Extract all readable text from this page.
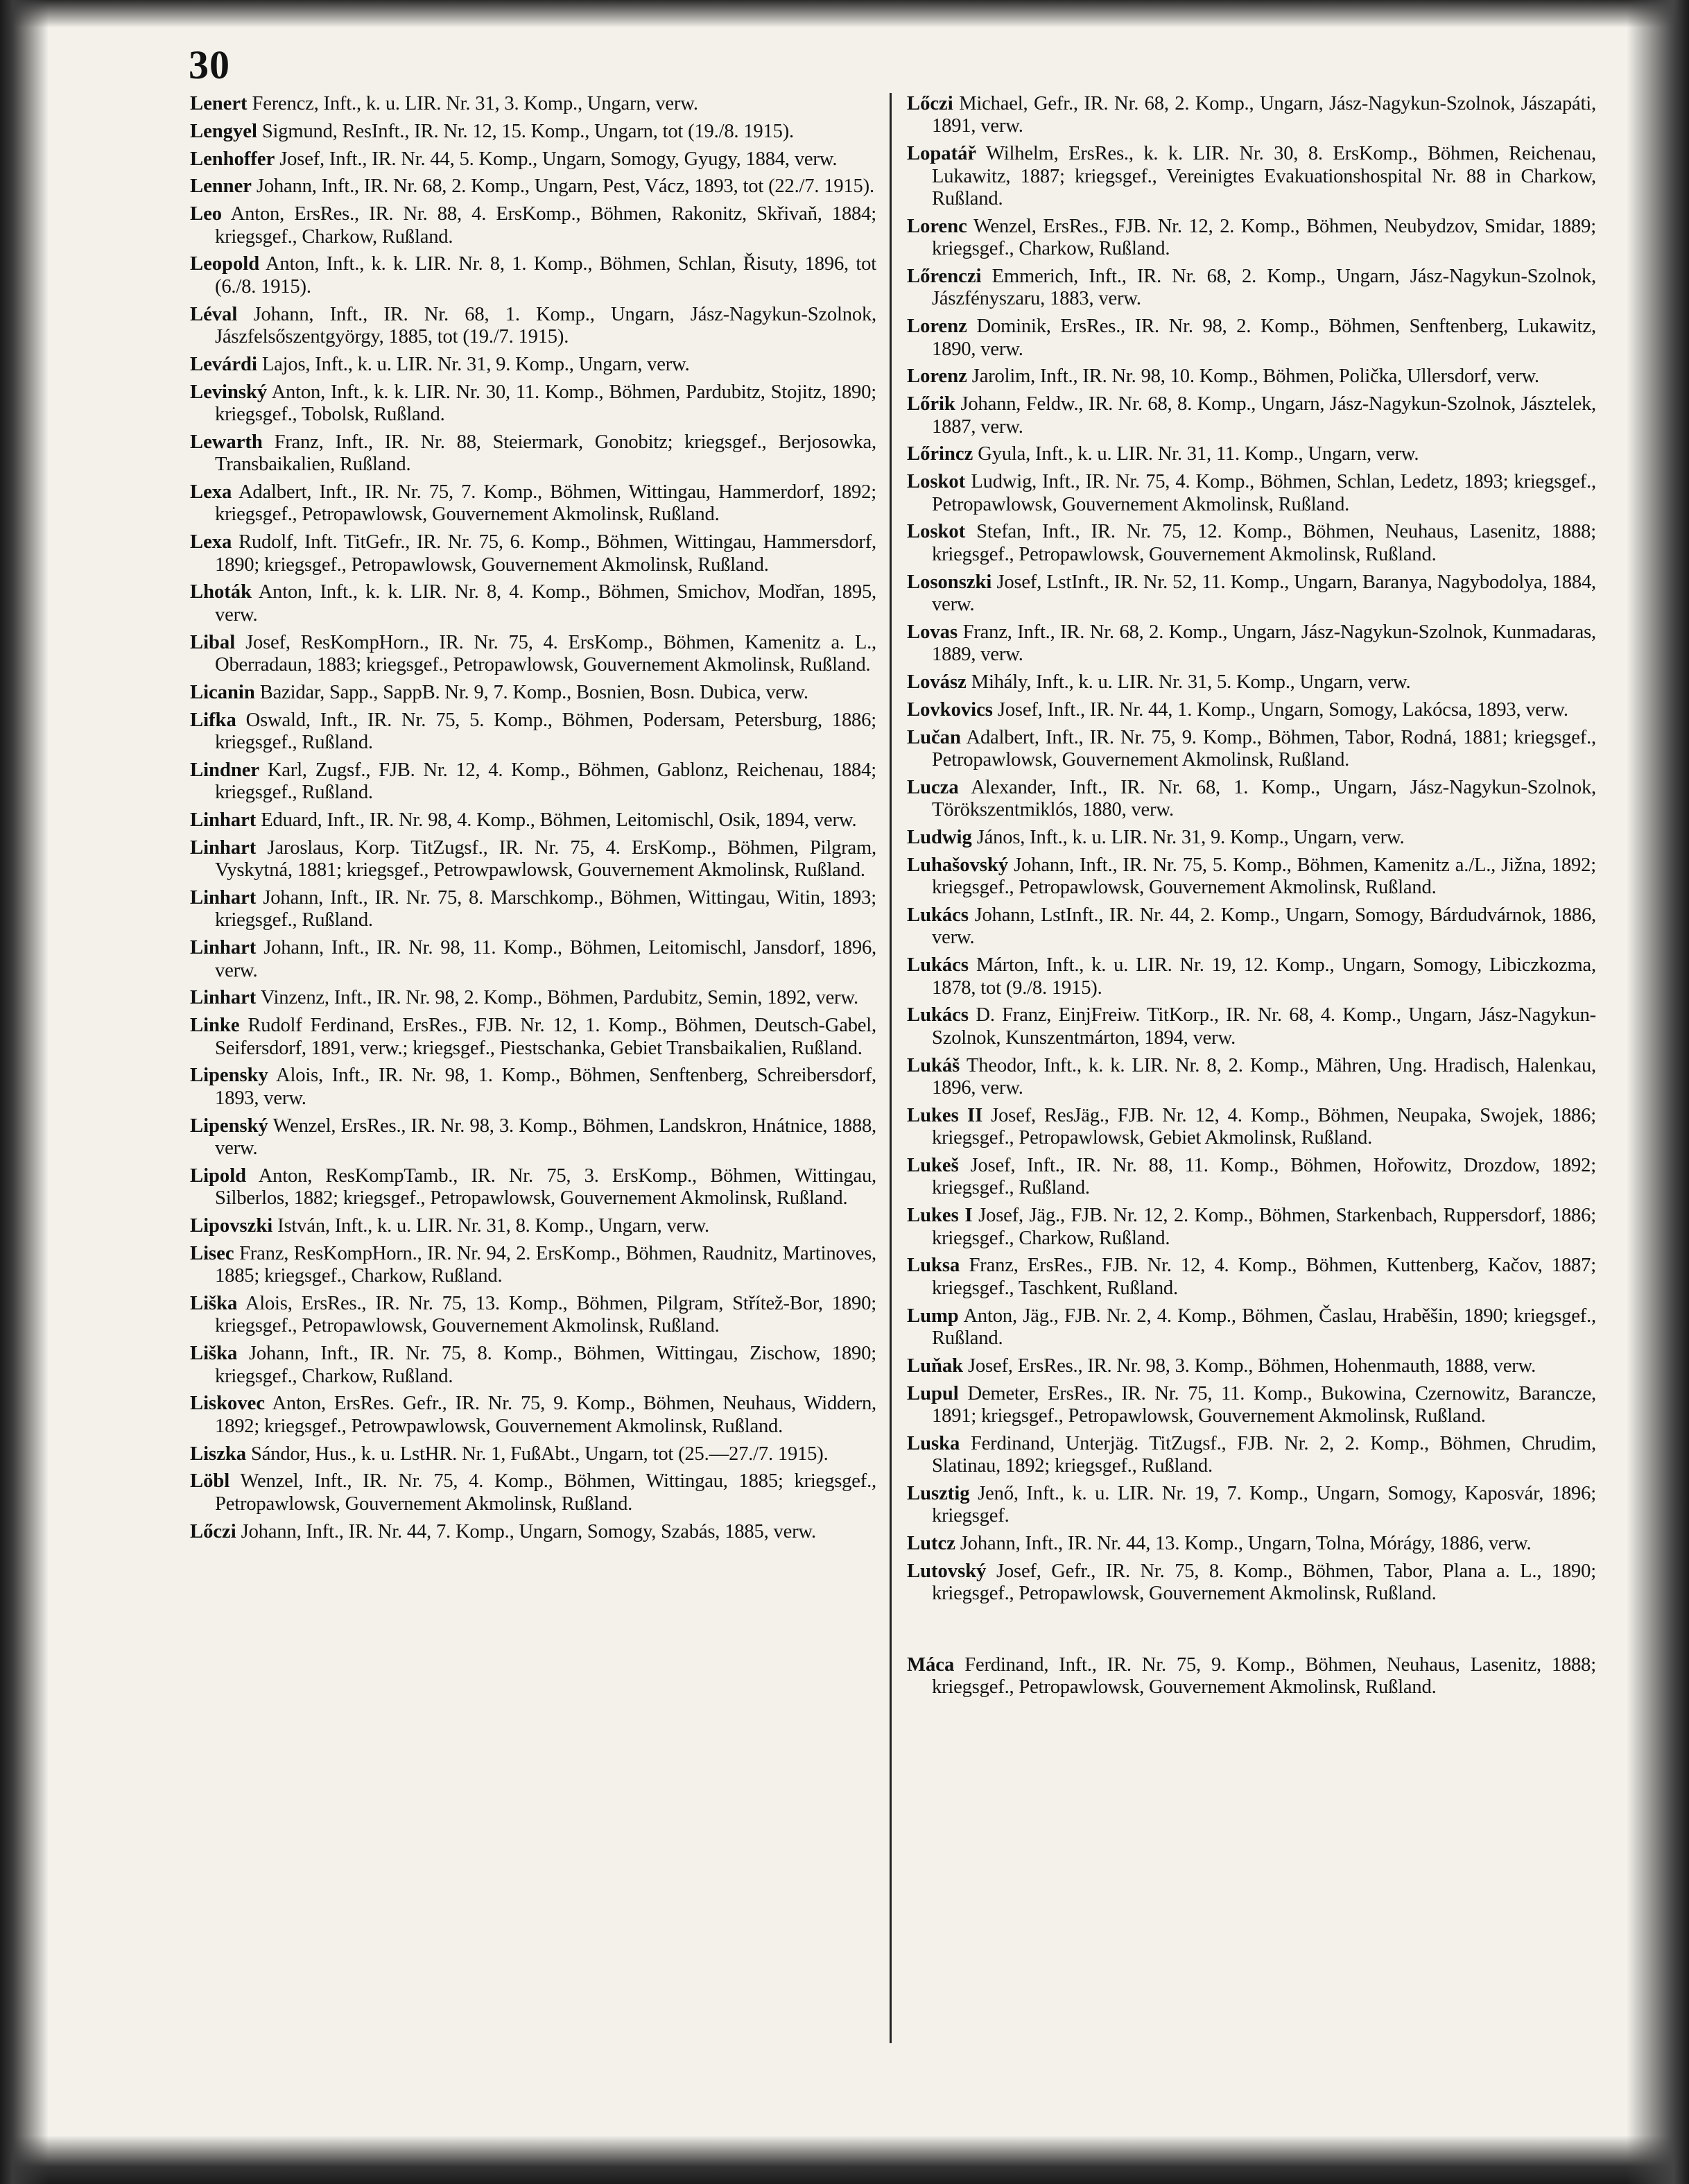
30
Lenert Ferencz, Inft., k. u. LIR. Nr. 31, 3. Komp., Ungarn, verw.
Lengyel Sigmund, ResInft., IR. Nr. 12, 15. Komp., Ungarn, tot (19./8. 1915).
Lenhoffer Josef, Inft., IR. Nr. 44, 5. Komp., Ungarn, Somogy, Gyugy, 1884, verw.
Lenner Johann, Inft., IR. Nr. 68, 2. Komp., Ungarn, Pest, Vácz, 1893, tot (22./7. 1915).
Leo Anton, ErsRes., IR. Nr. 88, 4. ErsKomp., Böhmen, Rakonitz, Skřivaň, 1884; kriegsgef., Charkow, Rußland.
Leopold Anton, Inft., k. k. LIR. Nr. 8, 1. Komp., Böhmen, Schlan, Řisuty, 1896, tot (6./8. 1915).
Léval Johann, Inft., IR. Nr. 68, 1. Komp., Ungarn, Jász-Nagykun-Szolnok, Jászfelsőszentgyörgy, 1885, tot (19./7. 1915).
Levárdi Lajos, Inft., k. u. LIR. Nr. 31, 9. Komp., Ungarn, verw.
Levinský Anton, Inft., k. k. LIR. Nr. 30, 11. Komp., Böhmen, Pardubitz, Stojitz, 1890; kriegsgef., Tobolsk, Rußland.
Lewarth Franz, Inft., IR. Nr. 88, Steiermark, Gonobitz; kriegsgef., Berjosowka, Transbaikalien, Rußland.
Lexa Adalbert, Inft., IR. Nr. 75, 7. Komp., Böhmen, Wittingau, Hammerdorf, 1892; kriegsgef., Petropawlowsk, Gouvernement Akmolinsk, Rußland.
Lexa Rudolf, Inft. TitGefr., IR. Nr. 75, 6. Komp., Böhmen, Wittingau, Hammersdorf, 1890; kriegsgef., Petropawlowsk, Gouvernement Akmolinsk, Rußland.
Lhoták Anton, Inft., k. k. LIR. Nr. 8, 4. Komp., Böhmen, Smichov, Modřan, 1895, verw.
Libal Josef, ResKompHorn., IR. Nr. 75, 4. ErsKomp., Böhmen, Kamenitz a. L., Oberradaun, 1883; kriegsgef., Petropawlowsk, Gouvernement Akmolinsk, Rußland.
Licanin Bazidar, Sapp., SappB. Nr. 9, 7. Komp., Bosnien, Bosn. Dubica, verw.
Lifka Oswald, Inft., IR. Nr. 75, 5. Komp., Böhmen, Podersam, Petersburg, 1886; kriegsgef., Rußland.
Lindner Karl, Zugsf., FJB. Nr. 12, 4. Komp., Böhmen, Gablonz, Reichenau, 1884; kriegsgef., Rußland.
Linhart Eduard, Inft., IR. Nr. 98, 4. Komp., Böhmen, Leitomischl, Osik, 1894, verw.
Linhart Jaroslaus, Korp. TitZugsf., IR. Nr. 75, 4. ErsKomp., Böhmen, Pilgram, Vyskytná, 1881; kriegsgef., Petrowpawlowsk, Gouvernement Akmolinsk, Rußland.
Linhart Johann, Inft., IR. Nr. 75, 8. Marschkomp., Böhmen, Wittingau, Witin, 1893; kriegsgef., Rußland.
Linhart Johann, Inft., IR. Nr. 98, 11. Komp., Böhmen, Leitomischl, Jansdorf, 1896, verw.
Linhart Vinzenz, Inft., IR. Nr. 98, 2. Komp., Böhmen, Pardubitz, Semin, 1892, verw.
Linke Rudolf Ferdinand, ErsRes., FJB. Nr. 12, 1. Komp., Böhmen, Deutsch-Gabel, Seifersdorf, 1891, verw.; kriegsgef., Piestschanka, Gebiet Transbaikalien, Rußland.
Lipensky Alois, Inft., IR. Nr. 98, 1. Komp., Böhmen, Senftenberg, Schreibersdorf, 1893, verw.
Lipenský Wenzel, ErsRes., IR. Nr. 98, 3. Komp., Böhmen, Landskron, Hnátnice, 1888, verw.
Lipold Anton, ResKompTamb., IR. Nr. 75, 3. ErsKomp., Böhmen, Wittingau, Silberlos, 1882; kriegsgef., Petropawlowsk, Gouvernement Akmolinsk, Rußland.
Lipovszki István, Inft., k. u. LIR. Nr. 31, 8. Komp., Ungarn, verw.
Lisec Franz, ResKompHorn., IR. Nr. 94, 2. ErsKomp., Böhmen, Raudnitz, Martinoves, 1885; kriegsgef., Charkow, Rußland.
Liška Alois, ErsRes., IR. Nr. 75, 13. Komp., Böhmen, Pilgram, Střítež-Bor, 1890; kriegsgef., Petropawlowsk, Gouvernement Akmolinsk, Rußland.
Liška Johann, Inft., IR. Nr. 75, 8. Komp., Böhmen, Wittingau, Zischow, 1890; kriegsgef., Charkow, Rußland.
Liskovec Anton, ErsRes. Gefr., IR. Nr. 75, 9. Komp., Böhmen, Neuhaus, Widdern, 1892; kriegsgef., Petrowpawlowsk, Gouvernement Akmolinsk, Rußland.
Liszka Sándor, Hus., k. u. LstHR. Nr. 1, FußAbt., Ungarn, tot (25.—27./7. 1915).
Löbl Wenzel, Inft., IR. Nr. 75, 4. Komp., Böhmen, Wittingau, 1885; kriegsgef., Petropawlowsk, Gouvernement Akmolinsk, Rußland.
Lőczi Johann, Inft., IR. Nr. 44, 7. Komp., Ungarn, Somogy, Szabás, 1885, verw.
Lőczi Michael, Gefr., IR. Nr. 68, 2. Komp., Ungarn, Jász-Nagykun-Szolnok, Jászapáti, 1891, verw.
Lopatář Wilhelm, ErsRes., k. k. LIR. Nr. 30, 8. ErsKomp., Böhmen, Reichenau, Lukawitz, 1887; kriegsgef., Vereinigtes Evakuationshospital Nr. 88 in Charkow, Rußland.
Lorenc Wenzel, ErsRes., FJB. Nr. 12, 2. Komp., Böhmen, Neubydzov, Smidar, 1889; kriegsgef., Charkow, Rußland.
Lőrenczi Emmerich, Inft., IR. Nr. 68, 2. Komp., Ungarn, Jász-Nagykun-Szolnok, Jászfényszaru, 1883, verw.
Lorenz Dominik, ErsRes., IR. Nr. 98, 2. Komp., Böhmen, Senftenberg, Lukawitz, 1890, verw.
Lorenz Jarolim, Inft., IR. Nr. 98, 10. Komp., Böhmen, Polička, Ullersdorf, verw.
Lőrik Johann, Feldw., IR. Nr. 68, 8. Komp., Ungarn, Jász-Nagykun-Szolnok, Jásztelek, 1887, verw.
Lőrincz Gyula, Inft., k. u. LIR. Nr. 31, 11. Komp., Ungarn, verw.
Loskot Ludwig, Inft., IR. Nr. 75, 4. Komp., Böhmen, Schlan, Ledetz, 1893; kriegsgef., Petropawlowsk, Gouvernement Akmolinsk, Rußland.
Loskot Stefan, Inft., IR. Nr. 75, 12. Komp., Böhmen, Neuhaus, Lasenitz, 1888; kriegsgef., Petropawlowsk, Gouvernement Akmolinsk, Rußland.
Losonszki Josef, LstInft., IR. Nr. 52, 11. Komp., Ungarn, Baranya, Nagybodolya, 1884, verw.
Lovas Franz, Inft., IR. Nr. 68, 2. Komp., Ungarn, Jász-Nagykun-Szolnok, Kunmadaras, 1889, verw.
Lovász Mihály, Inft., k. u. LIR. Nr. 31, 5. Komp., Ungarn, verw.
Lovkovics Josef, Inft., IR. Nr. 44, 1. Komp., Ungarn, Somogy, Lakócsa, 1893, verw.
Lučan Adalbert, Inft., IR. Nr. 75, 9. Komp., Böhmen, Tabor, Rodná, 1881; kriegsgef., Petropawlowsk, Gouvernement Akmolinsk, Rußland.
Lucza Alexander, Inft., IR. Nr. 68, 1. Komp., Ungarn, Jász-Nagykun-Szolnok, Törökszentmiklós, 1880, verw.
Ludwig János, Inft., k. u. LIR. Nr. 31, 9. Komp., Ungarn, verw.
Luhašovský Johann, Inft., IR. Nr. 75, 5. Komp., Böhmen, Kamenitz a./L., Jižna, 1892; kriegsgef., Petropawlowsk, Gouvernement Akmolinsk, Rußland.
Lukács Johann, LstInft., IR. Nr. 44, 2. Komp., Ungarn, Somogy, Bárdudvárnok, 1886, verw.
Lukács Márton, Inft., k. u. LIR. Nr. 19, 12. Komp., Ungarn, Somogy, Libiczkozma, 1878, tot (9./8. 1915).
Lukács D. Franz, EinjFreiw. TitKorp., IR. Nr. 68, 4. Komp., Ungarn, Jász-Nagykun-Szolnok, Kunszentmárton, 1894, verw.
Lukáš Theodor, Inft., k. k. LIR. Nr. 8, 2. Komp., Mähren, Ung. Hradisch, Halenkau, 1896, verw.
Lukes II Josef, ResJäg., FJB. Nr. 12, 4. Komp., Böhmen, Neupaka, Swojek, 1886; kriegsgef., Petropawlowsk, Gebiet Akmolinsk, Rußland.
Lukeš Josef, Inft., IR. Nr. 88, 11. Komp., Böhmen, Hořowitz, Drozdow, 1892; kriegsgef., Rußland.
Lukes I Josef, Jäg., FJB. Nr. 12, 2. Komp., Böhmen, Starkenbach, Ruppersdorf, 1886; kriegsgef., Charkow, Rußland.
Luksa Franz, ErsRes., FJB. Nr. 12, 4. Komp., Böhmen, Kuttenberg, Kačov, 1887; kriegsgef., Taschkent, Rußland.
Lump Anton, Jäg., FJB. Nr. 2, 4. Komp., Böhmen, Časlau, Hraběšin, 1890; kriegsgef., Rußland.
Luňak Josef, ErsRes., IR. Nr. 98, 3. Komp., Böhmen, Hohenmauth, 1888, verw.
Lupul Demeter, ErsRes., IR. Nr. 75, 11. Komp., Bukowina, Czernowitz, Barancze, 1891; kriegsgef., Petropawlowsk, Gouvernement Akmolinsk, Rußland.
Luska Ferdinand, Unterjäg. TitZugsf., FJB. Nr. 2, 2. Komp., Böhmen, Chrudim, Slatinau, 1892; kriegsgef., Rußland.
Lusztig Jenő, Inft., k. u. LIR. Nr. 19, 7. Komp., Ungarn, Somogy, Kaposvár, 1896; kriegsgef.
Lutcz Johann, Inft., IR. Nr. 44, 13. Komp., Ungarn, Tolna, Mórágy, 1886, verw.
Lutovský Josef, Gefr., IR. Nr. 75, 8. Komp., Böhmen, Tabor, Plana a. L., 1890; kriegsgef., Petropawlowsk, Gouvernement Akmolinsk, Rußland.
Máca Ferdinand, Inft., IR. Nr. 75, 9. Komp., Böhmen, Neuhaus, Lasenitz, 1888; kriegsgef., Petropawlowsk, Gouvernement Akmolinsk, Rußland.
